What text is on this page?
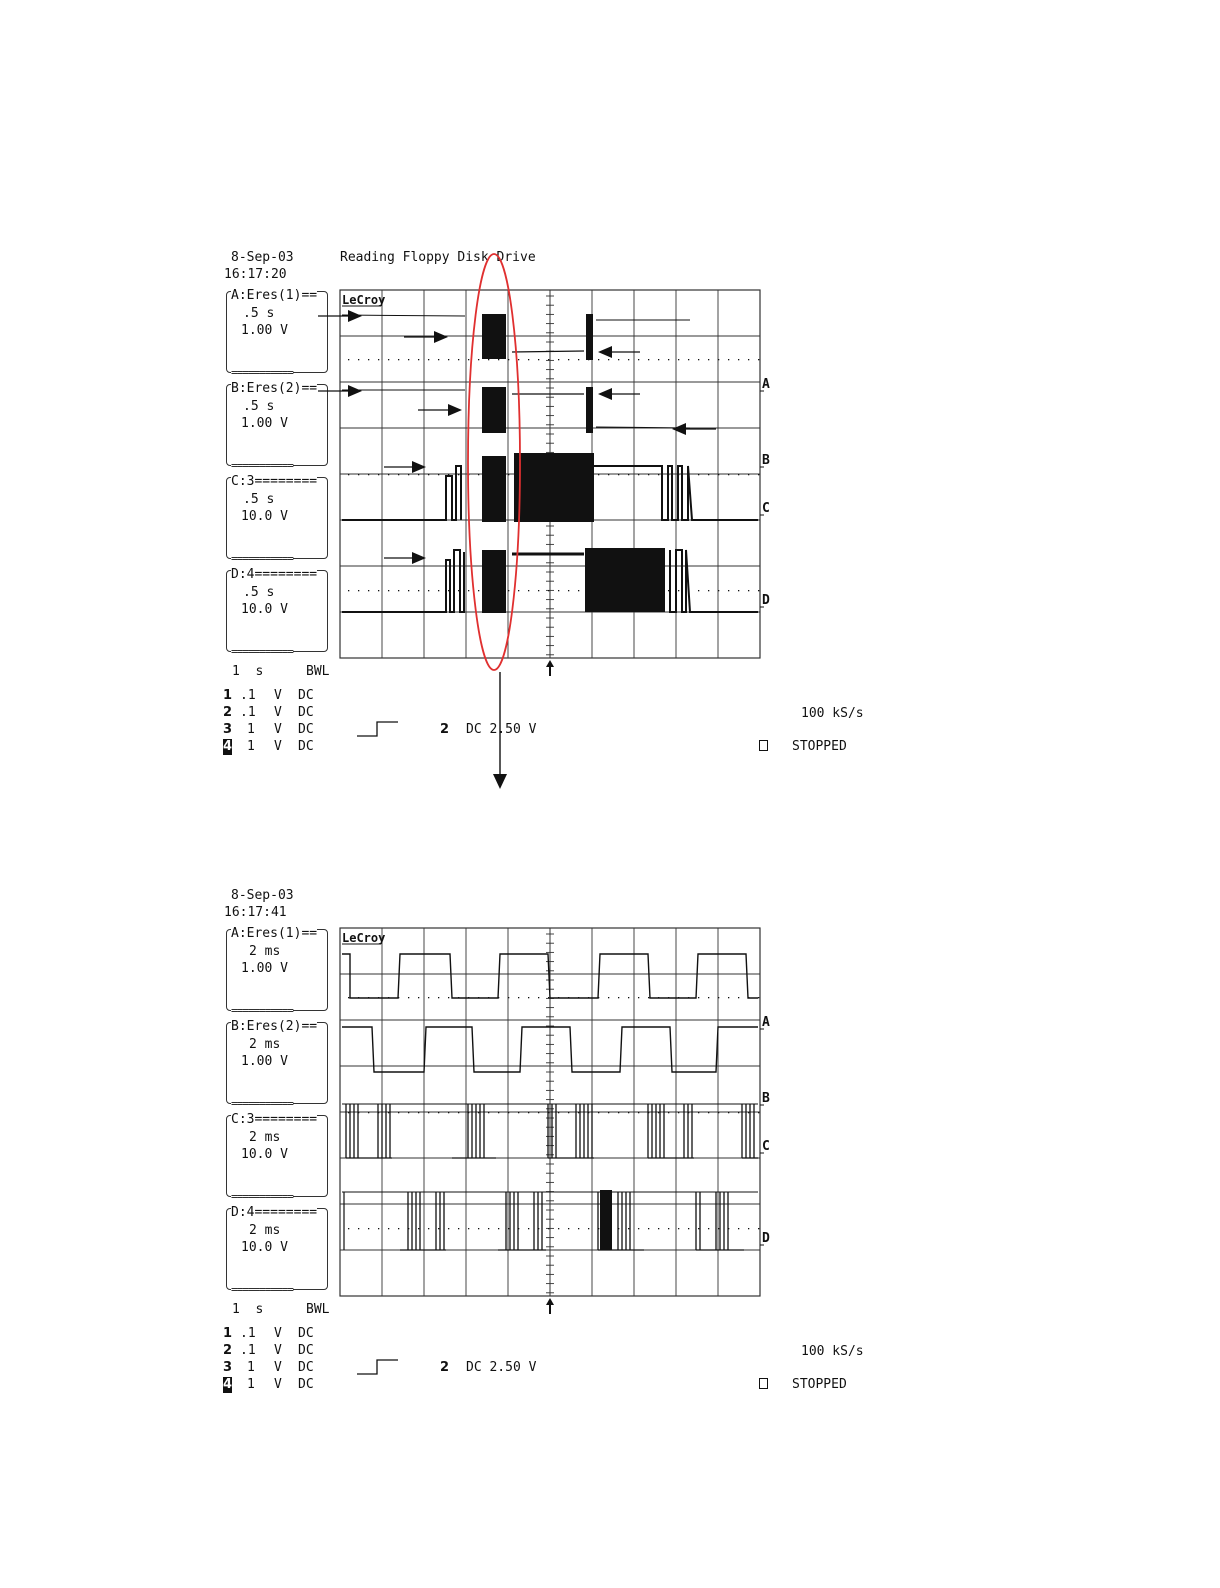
8-Sep-03
16:17:20
Reading Floppy Disk Drive
A:Eres(1)==
.5 s
1.00 V
===========
B:Eres(2)==
.5 s
1.00 V
===========
C:3========
.5 s
10.0 V
===========
D:4========
.5 s
10.0 V
===========
1  s	BWL
1 .1 V DC
2 .1 V DC
3 1 V DC
4 1 V DC
2 DC 2.50 V
100 kS/s
STOPPED
8-Sep-03
16:17:41
A:Eres(1)==
2 ms
1.00 V
===========
B:Eres(2)==
2 ms
1.00 V
===========
C:3========
2 ms
10.0 V
===========
D:4========
2 ms
10.0 V
===========
1  s	BWL
1 .1 V DC
2 .1 V DC
3 1 V DC
4 1 V DC
2 DC 2.50 V
100 kS/s
STOPPED
LeCroy
A
B
C
D
LeCroy
A
B
C
D
